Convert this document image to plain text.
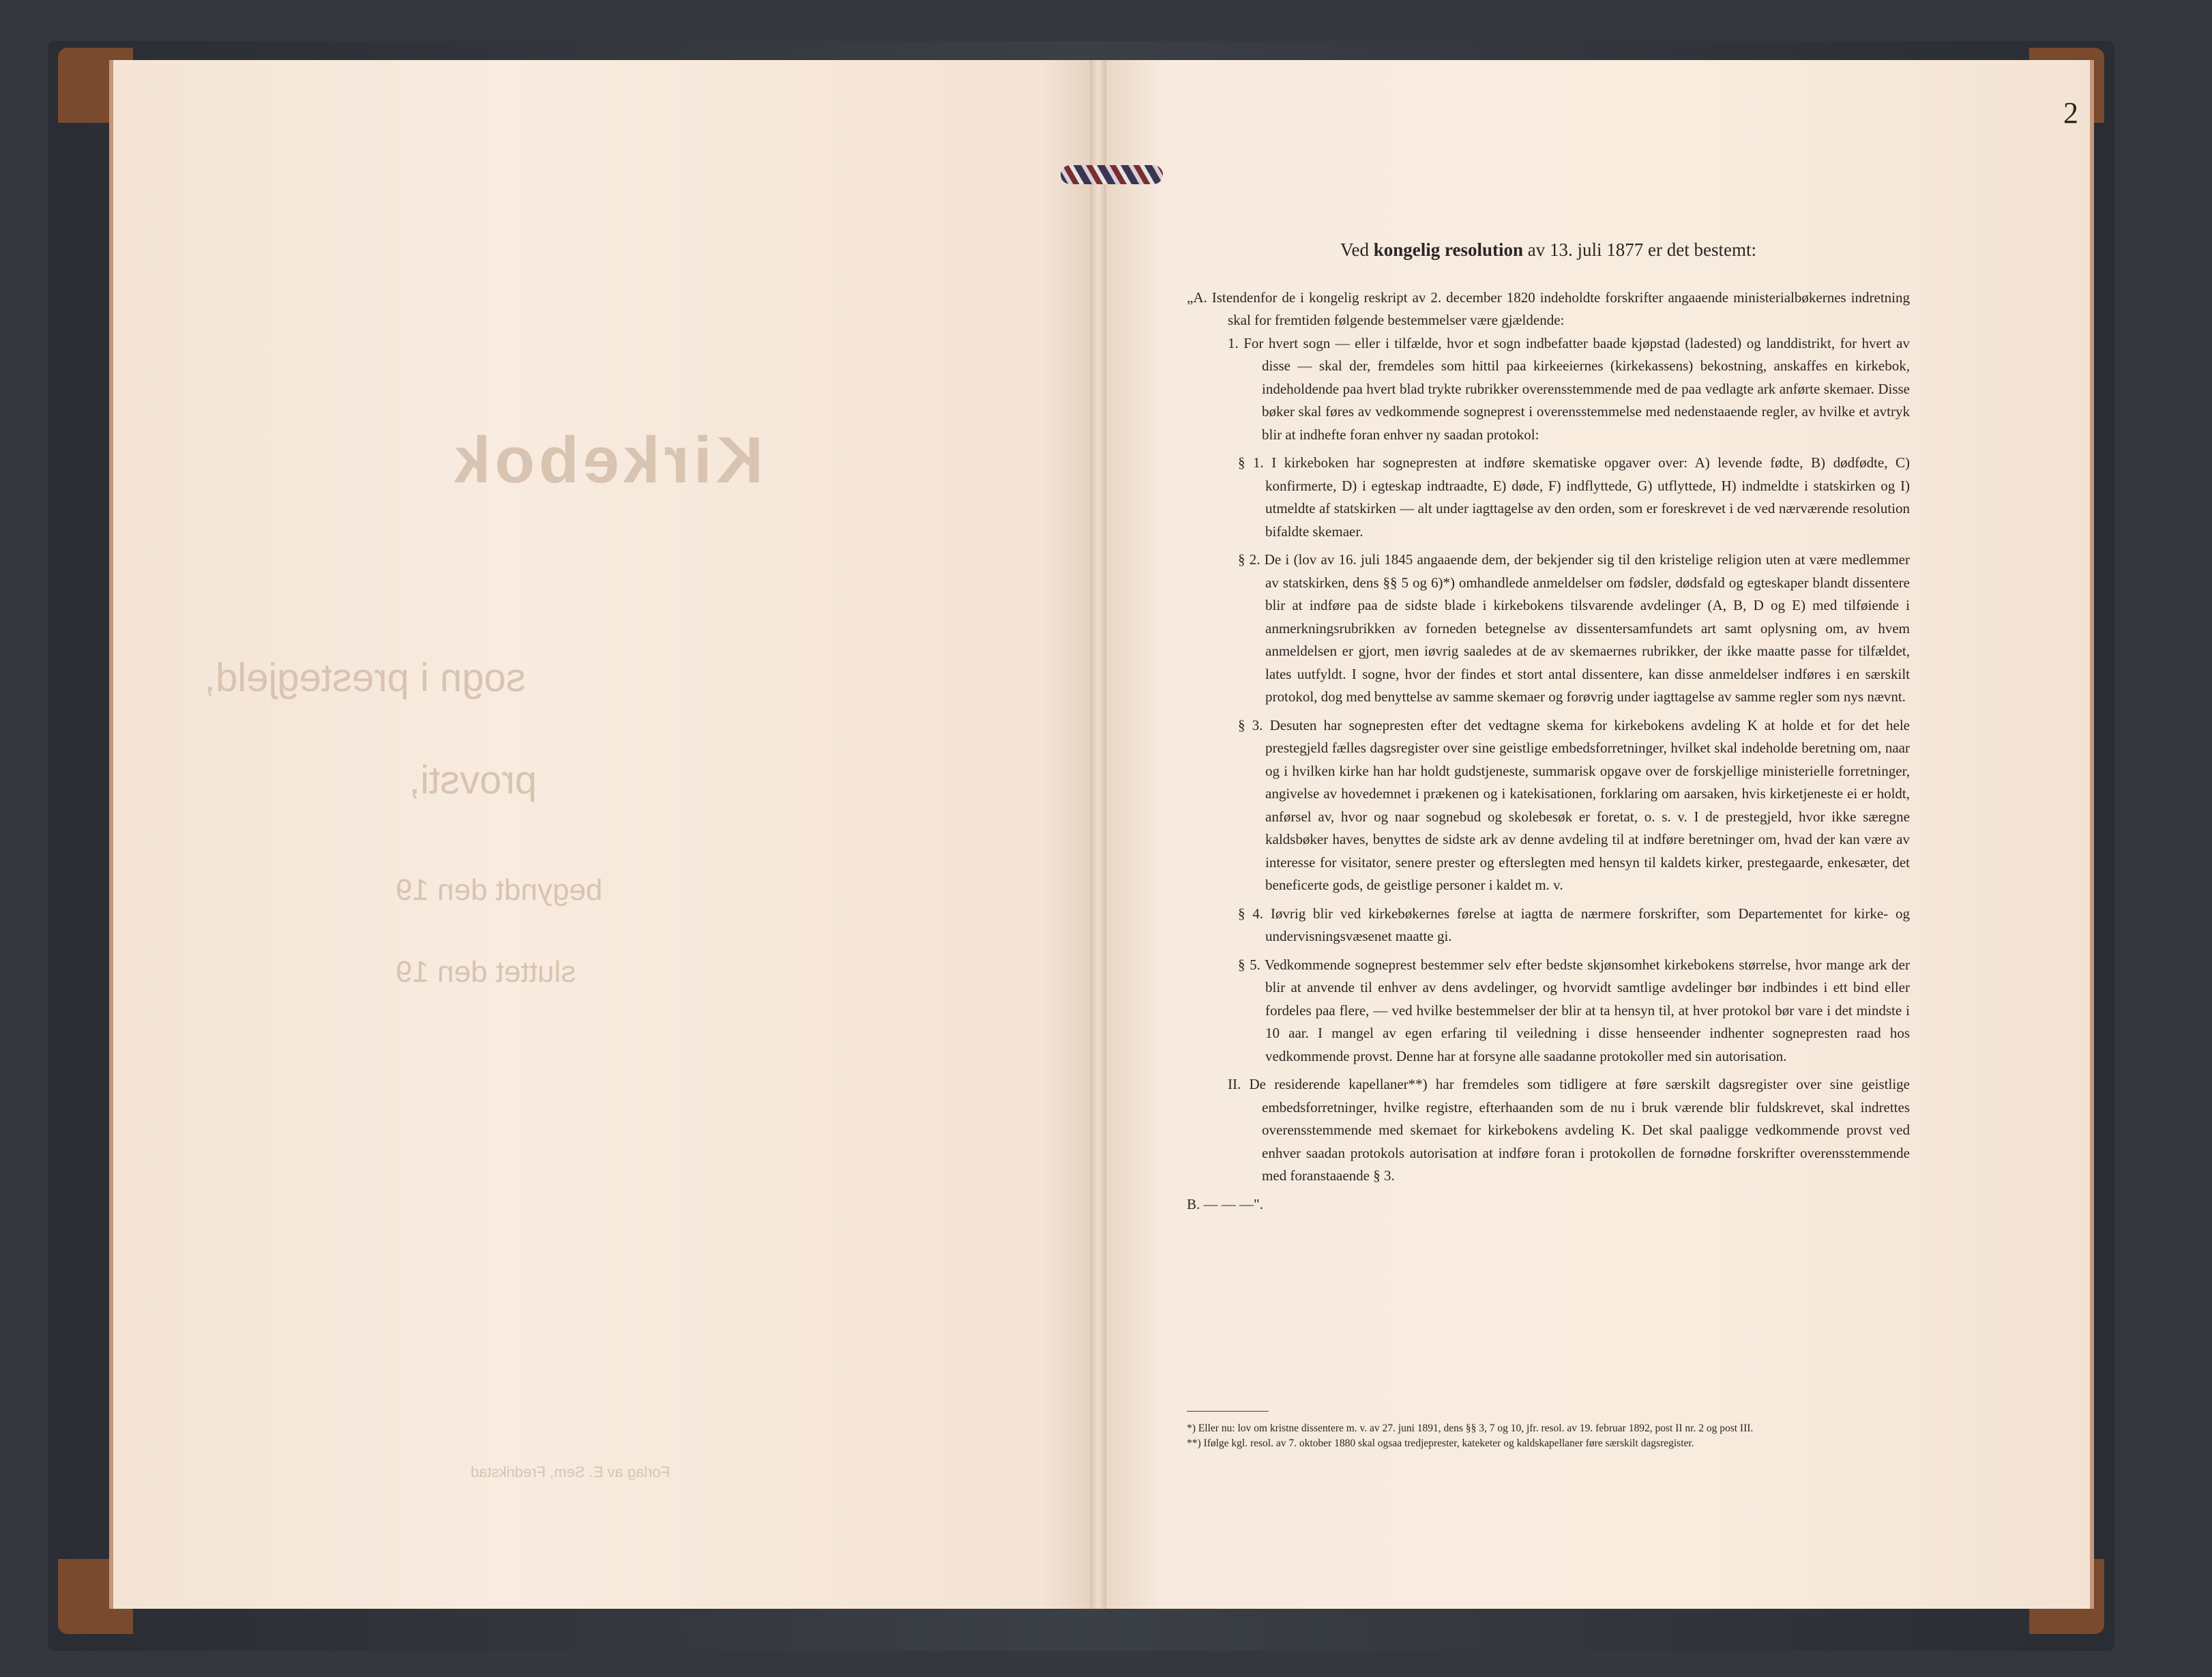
Kirkebok
sogn i prestegjeld,
provsti,
begyndt den 19
sluttet den 19
Forlag av E. Sem, Fredrikstad
2
Ved kongelig resolution av 13. juli 1877 er det bestemt:

„A. Istendenfor de i kongelig reskript av 2. december 1820 indeholdte forskrifter angaaende ministerialbøkernes indretning skal for fremtiden følgende bestemmelser være gjældende:

1. For hvert sogn — eller i tilfælde, hvor et sogn indbefatter baade kjøpstad (ladested) og landdistrikt, for hvert av disse — skal der, fremdeles som hittil paa kirkeeiernes (kirkekassens) bekostning, anskaffes en kirkebok, indeholdende paa hvert blad trykte rubrikker overensstemmende med de paa vedlagte ark anførte skemaer. Disse bøker skal føres av vedkommende sogneprest i overensstemmelse med nedenstaaende regler, av hvilke et avtryk blir at indhefte foran enhver ny saadan protokol:

§ 1. I kirkeboken har sognepresten at indføre skematiske opgaver over: A) levende fødte, B) dødfødte, C) konfirmerte, D) i egteskap indtraadte, E) døde, F) indflyttede, G) utflyttede, H) indmeldte i statskirken og I) utmeldte af statskirken — alt under iagttagelse av den orden, som er foreskrevet i de ved nærværende resolution bifaldte skemaer.

§ 2. De i (lov av 16. juli 1845 angaaende dem, der bekjender sig til den kristelige religion uten at være medlemmer av statskirken, dens §§ 5 og 6)*) omhandlede anmeldelser om fødsler, dødsfald og egteskaper blandt dissentere blir at indføre paa de sidste blade i kirkebokens tilsvarende avdelinger (A, B, D og E) med tilføiende i anmerkningsrubrikken av forneden betegnelse av dissentersamfundets art samt oplysning om, av hvem anmeldelsen er gjort, men iøvrig saaledes at de av skemaernes rubrikker, der ikke maatte passe for tilfældet, lates uutfyldt. I sogne, hvor der findes et stort antal dissentere, kan disse anmeldelser indføres i en særskilt protokol, dog med benyttelse av samme skemaer og forøvrig under iagttagelse av samme regler som nys nævnt.

§ 3. Desuten har sognepresten efter det vedtagne skema for kirkebokens avdeling K at holde et for det hele prestegjeld fælles dagsregister over sine geistlige embedsforretninger, hvilket skal indeholde beretning om, naar og i hvilken kirke han har holdt gudstjeneste, summarisk opgave over de forskjellige ministerielle forretninger, angivelse av hovedemnet i prækenen og i katekisationen, forklaring om aarsaken, hvis kirketjeneste ei er holdt, anførsel av, hvor og naar sognebud og skolebesøk er foretat, o. s. v. I de prestegjeld, hvor ikke særegne kaldsbøker haves, benyttes de sidste ark av denne avdeling til at indføre beretninger om, hvad der kan være av interesse for visitator, senere prester og efterslegten med hensyn til kaldets kirker, prestegaarde, enkesæter, det beneficerte gods, de geistlige personer i kaldet m. v.

§ 4. Iøvrig blir ved kirkebøkernes førelse at iagtta de nærmere forskrifter, som Departementet for kirke- og undervisningsvæsenet maatte gi.

§ 5. Vedkommende sogneprest bestemmer selv efter bedste skjønsomhet kirkebokens størrelse, hvor mange ark der blir at anvende til enhver av dens avdelinger, og hvorvidt samtlige avdelinger bør indbindes i ett bind eller fordeles paa flere, — ved hvilke bestemmelser der blir at ta hensyn til, at hver protokol bør vare i det mindste i 10 aar. I mangel av egen erfaring til veiledning i disse henseender indhenter sognepresten raad hos vedkommende provst. Denne har at forsyne alle saadanne protokoller med sin autorisation.

II. De residerende kapellaner**) har fremdeles som tidligere at føre særskilt dagsregister over sine geistlige embedsforretninger, hvilke registre, efterhaanden som de nu i bruk værende blir fuldskrevet, skal indrettes overensstemmende med skemaet for kirkebokens avdeling K. Det skal paaligge vedkommende provst ved enhver saadan protokols autorisation at indføre foran i protokollen de fornødne forskrifter overensstemmende med foranstaaende § 3.

B. — — —".

*) Eller nu: lov om kristne dissentere m. v. av 27. juni 1891, dens §§ 3, 7 og 10, jfr. resol. av 19. februar 1892, post II nr. 2 og post III.
**) Ifølge kgl. resol. av 7. oktober 1880 skal ogsaa tredjeprester, kateketer og kaldskapellaner føre særskilt dagsregister.
